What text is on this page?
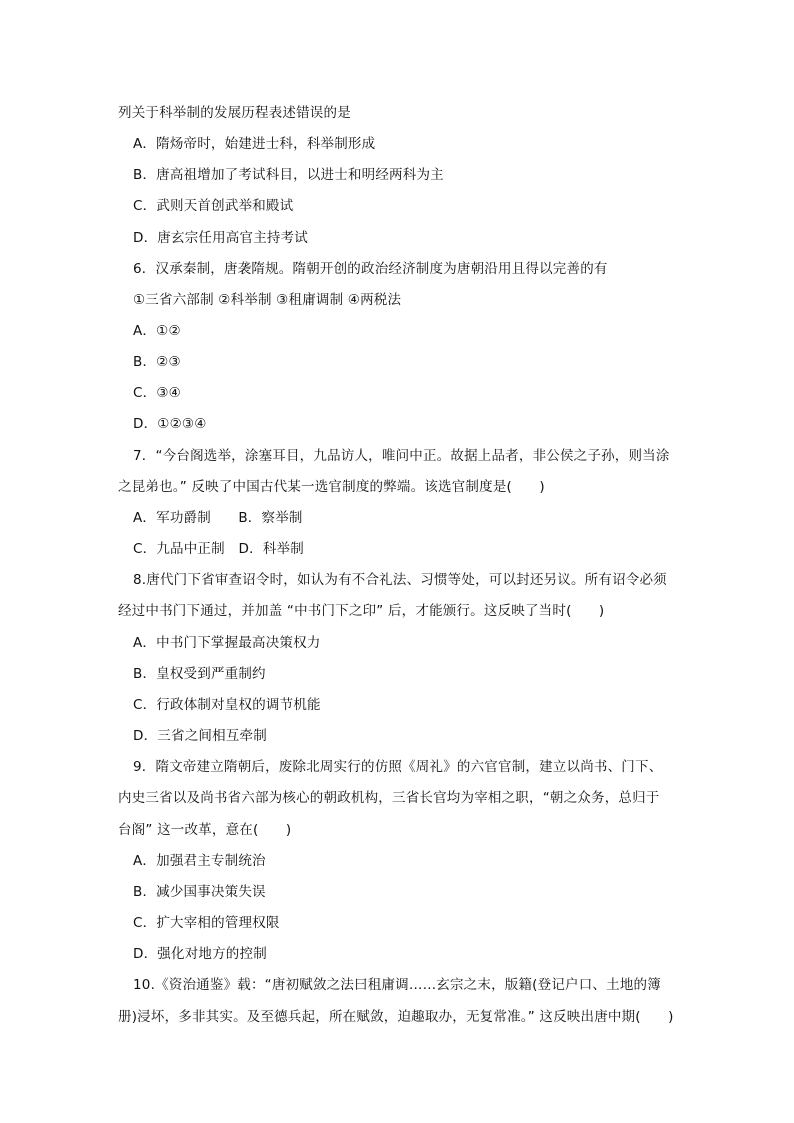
列关于科举制的发展历程表述错误的是
A．隋炀帝时，始建进士科，科举制形成
B．唐高祖增加了考试科目，以进士和明经两科为主
C．武则天首创武举和殿试
D．唐玄宗任用高官主持考试
6．汉承秦制，唐袭隋规。隋朝开创的政治经济制度为唐朝沿用且得以完善的有
①三省六部制 ②科举制 ③租庸调制 ④两税法
A．①②
B．②③
C．③④
D．①②③④
7．“今台阁选举，涂塞耳目，九品访人，唯问中正。故据上品者，非公侯之子孙，则当涂
之昆弟也。” 反映了中国古代某一选官制度的弊端。该选官制度是(　　)
A．军功爵制　　B．察举制
C．九品中正制　D．科举制
8.唐代门下省审查诏令时，如认为有不合礼法、习惯等处，可以封还另议。所有诏令必须
经过中书门下通过，并加盖 “中书门下之印” 后，才能颁行。这反映了当时(　　)
A．中书门下掌握最高决策权力
B．皇权受到严重制约
C．行政体制对皇权的调节机能
D．三省之间相互牵制
9．隋文帝建立隋朝后，废除北周实行的仿照《周礼》的六官官制，建立以尚书、门下、
内史三省以及尚书省六部为核心的朝政机构，三省长官均为宰相之职，“朝之众务，总归于
台阁” 这一改革，意在(　　)
A．加强君主专制统治
B．减少国事决策失误
C．扩大宰相的管理权限
D．强化对地方的控制
10.《资治通鉴》载：“唐初赋敛之法曰租庸调……玄宗之末，版籍(登记户口、土地的簿
册)浸坏，多非其实。及至德兵起，所在赋敛，迫趣取办，无复常准。” 这反映出唐中期(　　)
